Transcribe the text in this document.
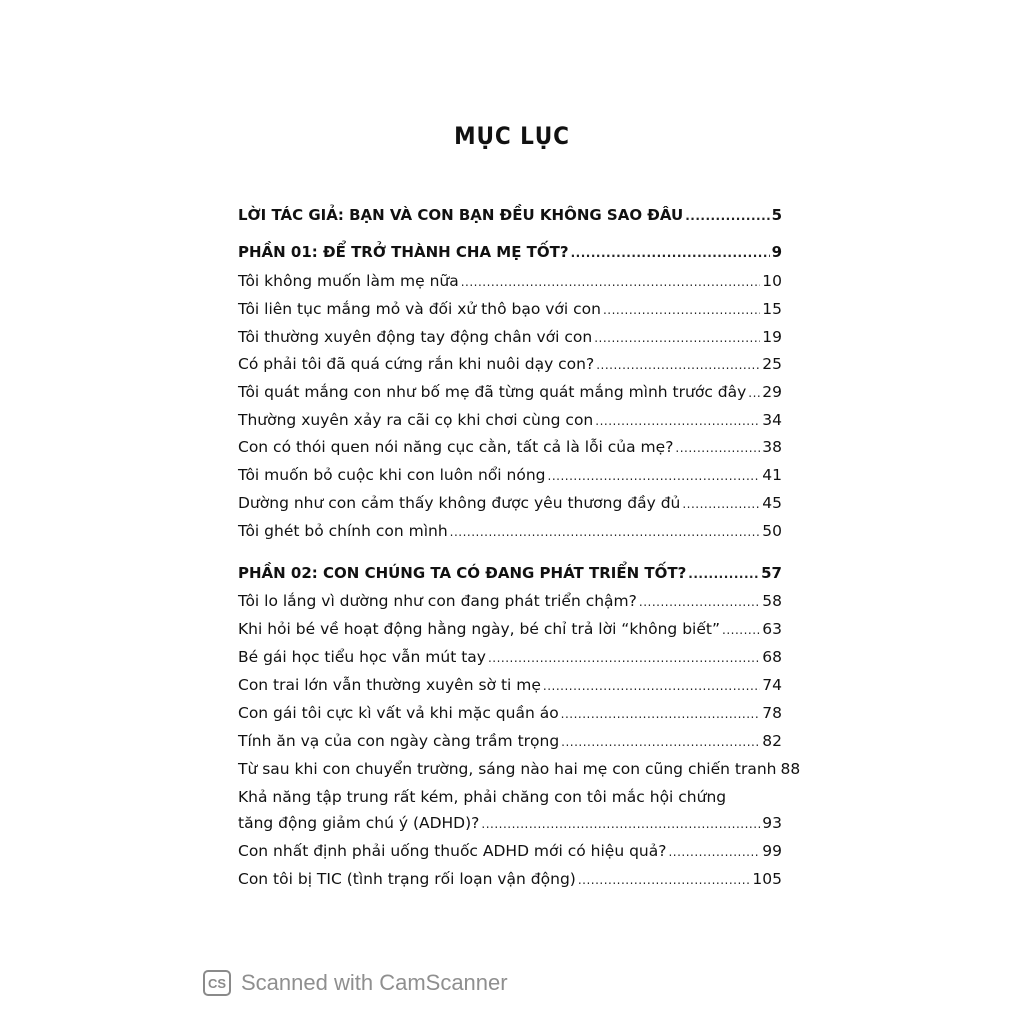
MỤC LỤC
LỜI TÁC GIẢ: BẠN VÀ CON BẠN ĐỀU KHÔNG SAO ĐÂU .....	5
PHẦN 01: ĐỂ TRỞ THÀNH CHA MẸ TỐT? .....	9
Tôi không muốn làm mẹ nữa .....	10
Tôi liên tục mắng mỏ và đối xử thô bạo với con .....	15
Tôi thường xuyên động tay động chân với con .....	19
Có phải tôi đã quá cứng rắn khi nuôi dạy con? .....	25
Tôi quát mắng con như bố mẹ đã từng quát mắng mình trước đây ..... 29
Thường xuyên xảy ra cãi cọ khi chơi cùng con .....	34
Con có thói quen nói năng cục cằn, tất cả là lỗi của mẹ? .....	38
Tôi muốn bỏ cuộc khi con luôn nổi nóng .....	41
Dường như con cảm thấy không được yêu thương đầy đủ .....	45
Tôi ghét bỏ chính con mình .....	50
PHẦN 02: CON CHÚNG TA CÓ ĐANG PHÁT TRIỂN TỐT? .....	57
Tôi lo lắng vì dường như con đang phát triển chậm? .....	58
Khi hỏi bé về hoạt động hằng ngày, bé chỉ trả lời “không biết” .....	63
Bé gái học tiểu học vẫn mút tay .....	68
Con trai lớn vẫn thường xuyên sờ ti mẹ .....	74
Con gái tôi cực kì vất vả khi mặc quần áo .....	78
Tính ăn vạ của con ngày càng trầm trọng .....	82
Từ sau khi con chuyển trường, sáng nào hai mẹ con cũng chiến tranh 88
Khả năng tập trung rất kém, phải chăng con tôi mắc hội chứng
tăng động giảm chú ý (ADHD)? .....	93
Con nhất định phải uống thuốc ADHD mới có hiệu quả? .....	99
Con tôi bị TIC (tình trạng rối loạn vận động) .....	105
CS Scanned with CamScanner
